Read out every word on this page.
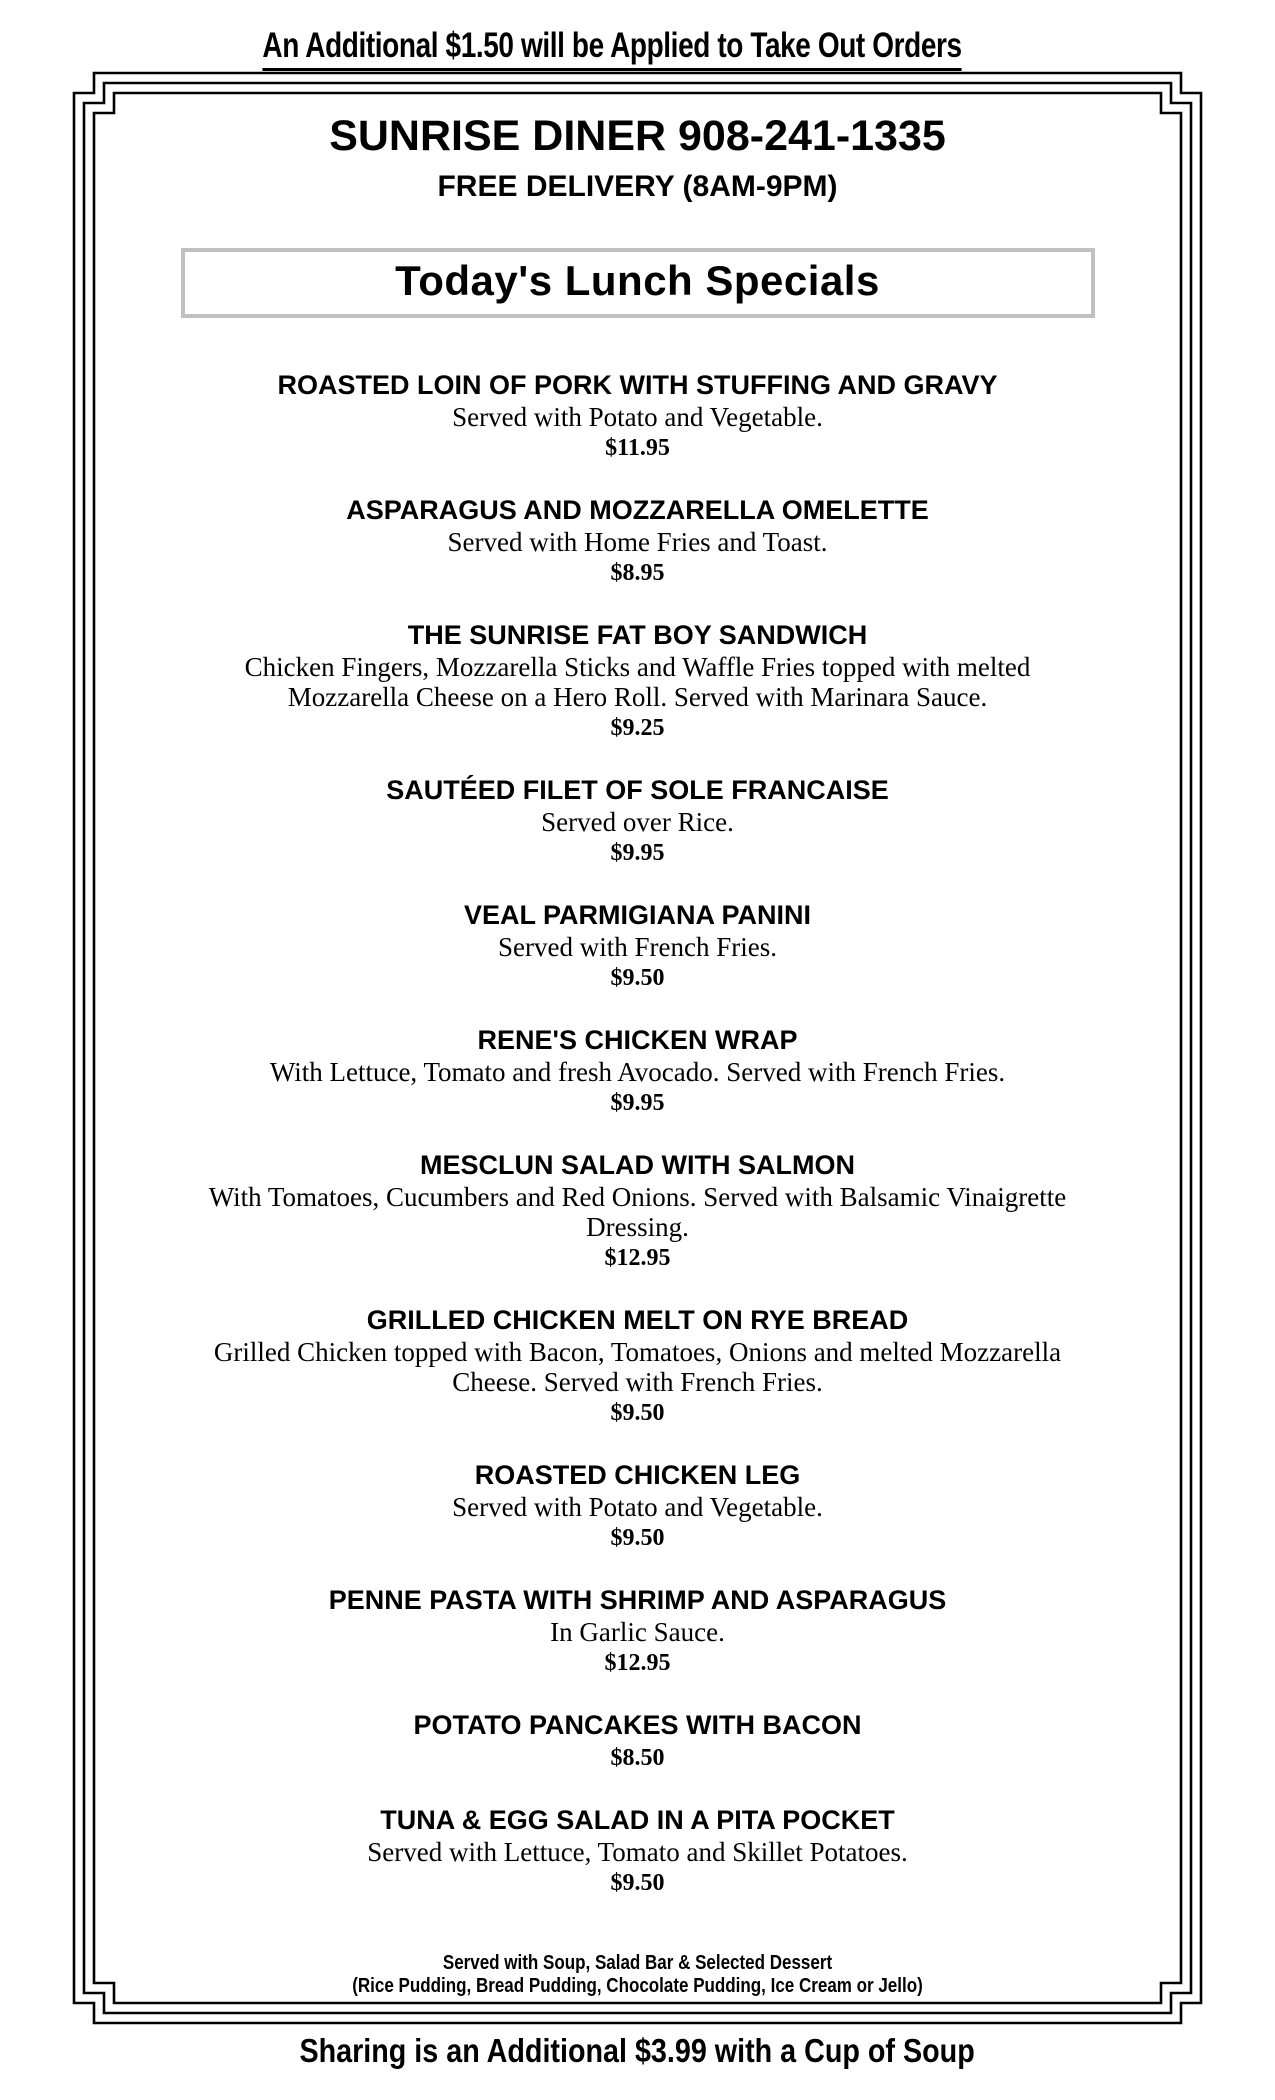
An Additional $1.50 will be Applied to Take Out Orders
SUNRISE DINER 908-241-1335
FREE DELIVERY (8AM-9PM)
Today's Lunch Specials
ROASTED LOIN OF PORK WITH STUFFING AND GRAVY
Served with Potato and Vegetable.
$11.95
ASPARAGUS AND MOZZARELLA OMELETTE
Served with Home Fries and Toast.
$8.95
THE SUNRISE FAT BOY SANDWICH
Chicken Fingers, Mozzarella Sticks and Waffle Fries topped with melted Mozzarella Cheese on a Hero Roll. Served with Marinara Sauce.
$9.25
SAUTÉED FILET OF SOLE FRANCAISE
Served over Rice.
$9.95
VEAL PARMIGIANA PANINI
Served with French Fries.
$9.50
RENE'S CHICKEN WRAP
With Lettuce, Tomato and fresh Avocado. Served with French Fries.
$9.95
MESCLUN SALAD WITH SALMON
With Tomatoes, Cucumbers and Red Onions. Served with Balsamic Vinaigrette Dressing.
$12.95
GRILLED CHICKEN MELT ON RYE BREAD
Grilled Chicken topped with Bacon, Tomatoes, Onions and melted Mozzarella Cheese. Served with French Fries.
$9.50
ROASTED CHICKEN LEG
Served with Potato and Vegetable.
$9.50
PENNE PASTA WITH SHRIMP AND ASPARAGUS
In Garlic Sauce.
$12.95
POTATO PANCAKES WITH BACON
$8.50
TUNA & EGG SALAD IN A PITA POCKET
Served with Lettuce, Tomato and Skillet Potatoes.
$9.50
Served with Soup, Salad Bar & Selected Dessert
(Rice Pudding, Bread Pudding, Chocolate Pudding, Ice Cream or Jello)
Sharing is an Additional $3.99 with a Cup of Soup
